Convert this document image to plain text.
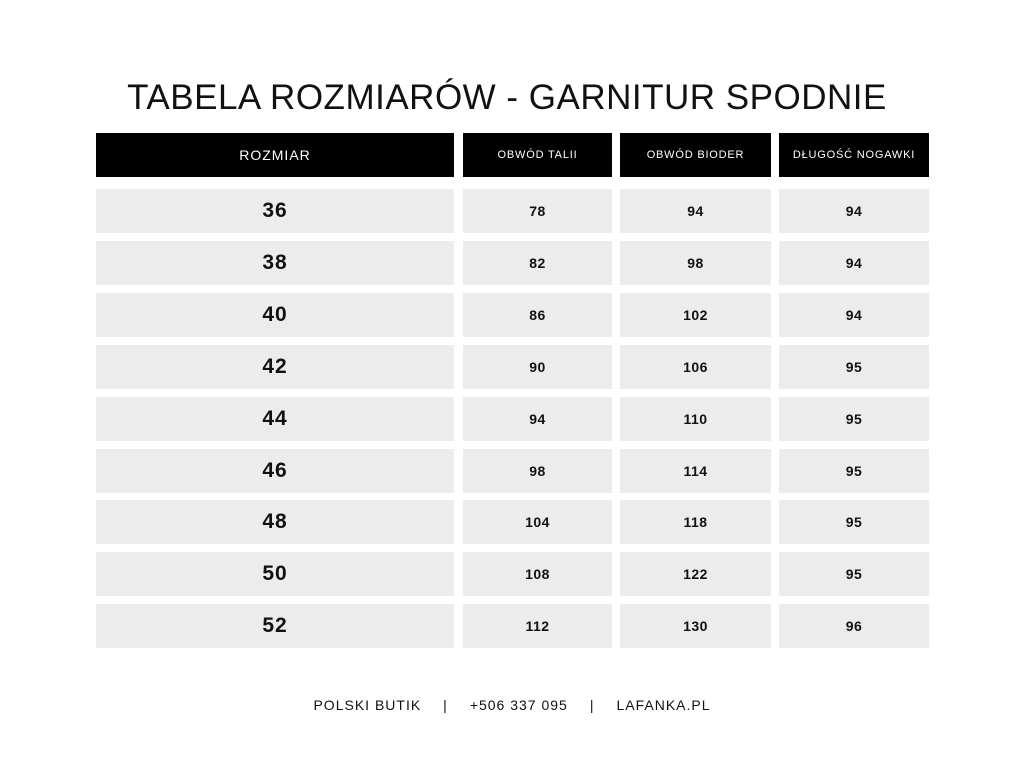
TABELA ROZMIARÓW - GARNITUR SPODNIE
ROZMIAR	OBWÓD TALII	OBWÓD BIODER	DŁUGOŚĆ NOGAWKI
36	78	94	94
38	82	98	94
40	86	102	94
42	90	106	95
44	94	110	95
46	98	114	95
48	104	118	95
50	108	122	95
52	112	130	96
POLSKI BUTIK | +506 337 095 | LAFANKA.PL
